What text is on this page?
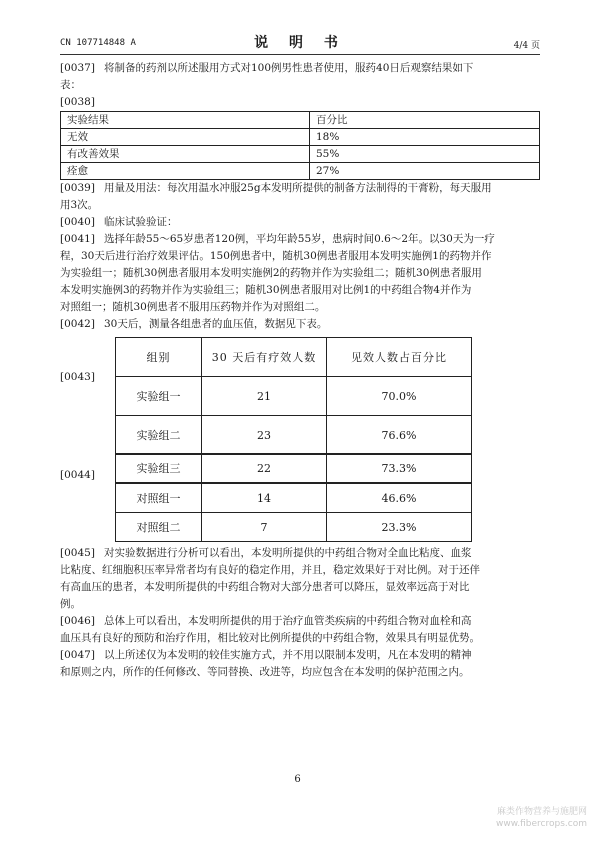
CN 107714848 A	说 明 书	4/4 页
[0037] 将制备的药剂以所述服用方式对100例男性患者使用，服药40日后观察结果如下
表：
[0038]
实验结果	百分比
无效	18%
有改善效果	55%
痊愈	27%
[0039] 用量及用法：每次用温水冲服25g本发明所提供的制备方法制得的干膏粉，每天服用
用3次。
[0040] 临床试验验证：
[0041] 选择年龄55～65岁患者120例，平均年龄55岁，患病时间0.6～2年。以30天为一疗
程，30天后进行治疗效果评估。150例患者中，随机30例患者服用本发明实施例1的药物并作
为实验组一；随机30例患者服用本发明实施例2的药物并作为实验组二；随机30例患者服用
本发明实施例3的药物并作为实验组三；随机30例患者服用对比例1的中药组合物4并作为
对照组一；随机30例患者不服用压药物并作为对照组二。
[0042] 30天后，测量各组患者的血压值，数据见下表。
[0043]
[0044]
组别	30 天后有疗效人数	见效人数占百分比
实验组一	21	70.0%
实验组二	23	76.6%
实验组三	22	73.3%
对照组一	14	46.6%
对照组二	7	23.3%
[0045] 对实验数据进行分析可以看出，本发明所提供的中药组合物对全血比粘度、血浆
比粘度、红细胞积压率异常者均有良好的稳定作用，并且，稳定效果好于对比例。对于还伴
有高血压的患者，本发明所提供的中药组合物对大部分患者可以降压，显效率远高于对比
例。
[0046] 总体上可以看出，本发明所提供的用于治疗血管类疾病的中药组合物对血栓和高
血压具有良好的预防和治疗作用，相比较对比例所提供的中药组合物，效果具有明显优势。
[0047] 以上所述仅为本发明的较佳实施方式，并不用以限制本发明，凡在本发明的精神
和原则之内，所作的任何修改、等同替换、改进等，均应包含在本发明的保护范围之内。
6
麻类作物营养与施肥网
www.fibercrops.com
